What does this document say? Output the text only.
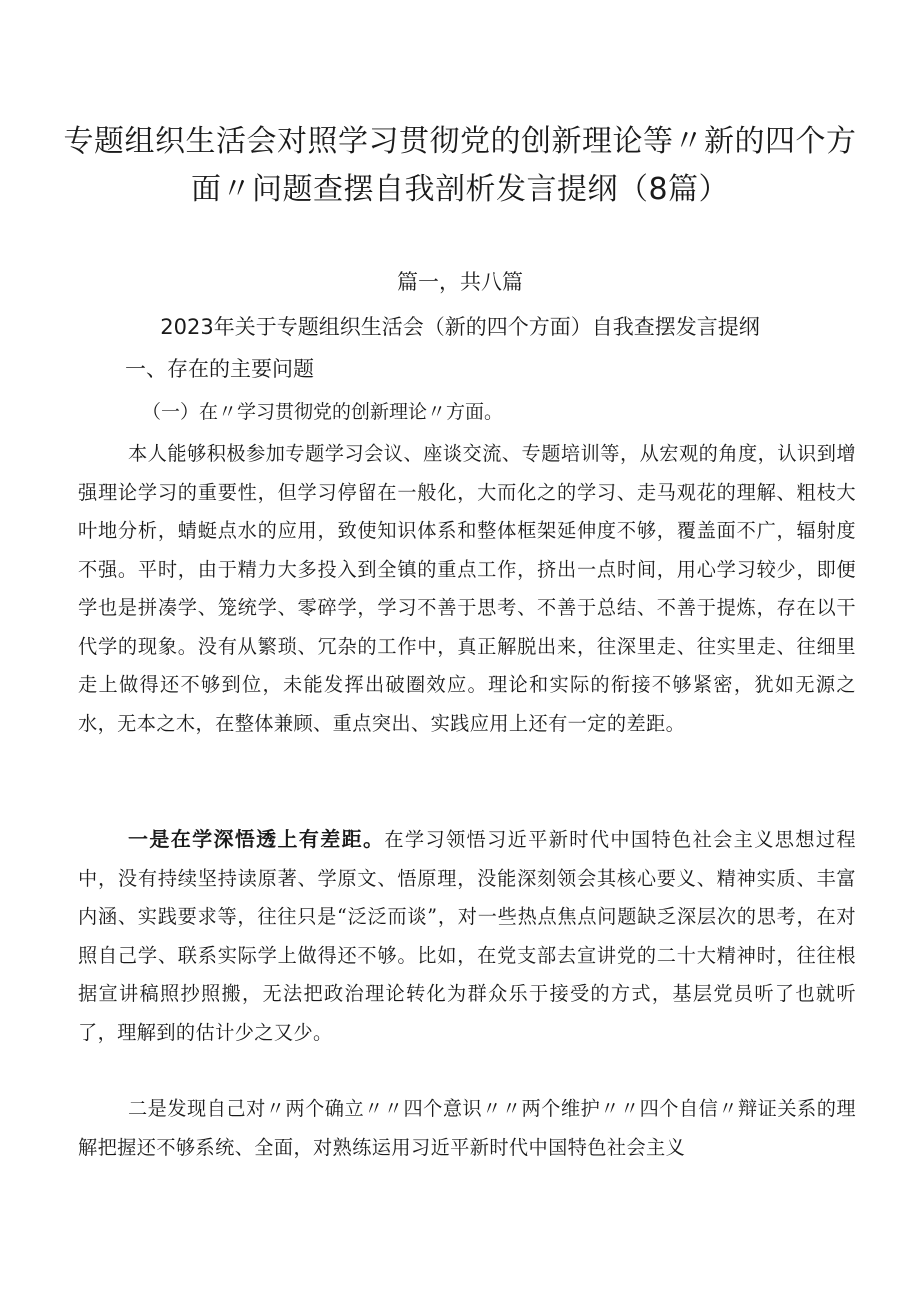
专题组织生活会对照学习贯彻党的创新理论等〃新的四个方面〃问题查摆自我剖析发言提纲（8篇）

篇一，共八篇

2023年关于专题组织生活会（新的四个方面）自我查摆发言提纲

一、存在的主要问题

（一）在〃学习贯彻党的创新理论〃方面。

本人能够积极参加专题学习会议、座谈交流、专题培训等，从宏观的角度，认识到增强理论学习的重要性，但学习停留在一般化，大而化之的学习、走马观花的理解、粗枝大叶地分析，蜻蜓点水的应用，致使知识体系和整体框架延伸度不够，覆盖面不广，辐射度不强。平时，由于精力大多投入到全镇的重点工作，挤出一点时间，用心学习较少，即便学也是拼凑学、笼统学、零碎学，学习不善于思考、不善于总结、不善于提炼，存在以干代学的现象。没有从繁琐、冗杂的工作中，真正解脱出来，往深里走、往实里走、往细里走上做得还不够到位，未能发挥出破圈效应。理论和实际的衔接不够紧密，犹如无源之水，无本之木，在整体兼顾、重点突出、实践应用上还有一定的差距。

一是在学深悟透上有差距。在学习领悟习近平新时代中国特色社会主义思想过程中，没有持续坚持读原著、学原文、悟原理，没能深刻领会其核心要义、精神实质、丰富内涵、实践要求等，往往只是“泛泛而谈”，对一些热点焦点问题缺乏深层次的思考，在对照自己学、联系实际学上做得还不够。比如，在党支部去宣讲党的二十大精神时，往往根据宣讲稿照抄照搬，无法把政治理论转化为群众乐于接受的方式，基层党员听了也就听了，理解到的估计少之又少。

二是发现自己对〃两个确立〃〃四个意识〃〃两个维护〃〃四个自信〃辩证关系的理解把握还不够系统、全面，对熟练运用习近平新时代中国特色社会主义
